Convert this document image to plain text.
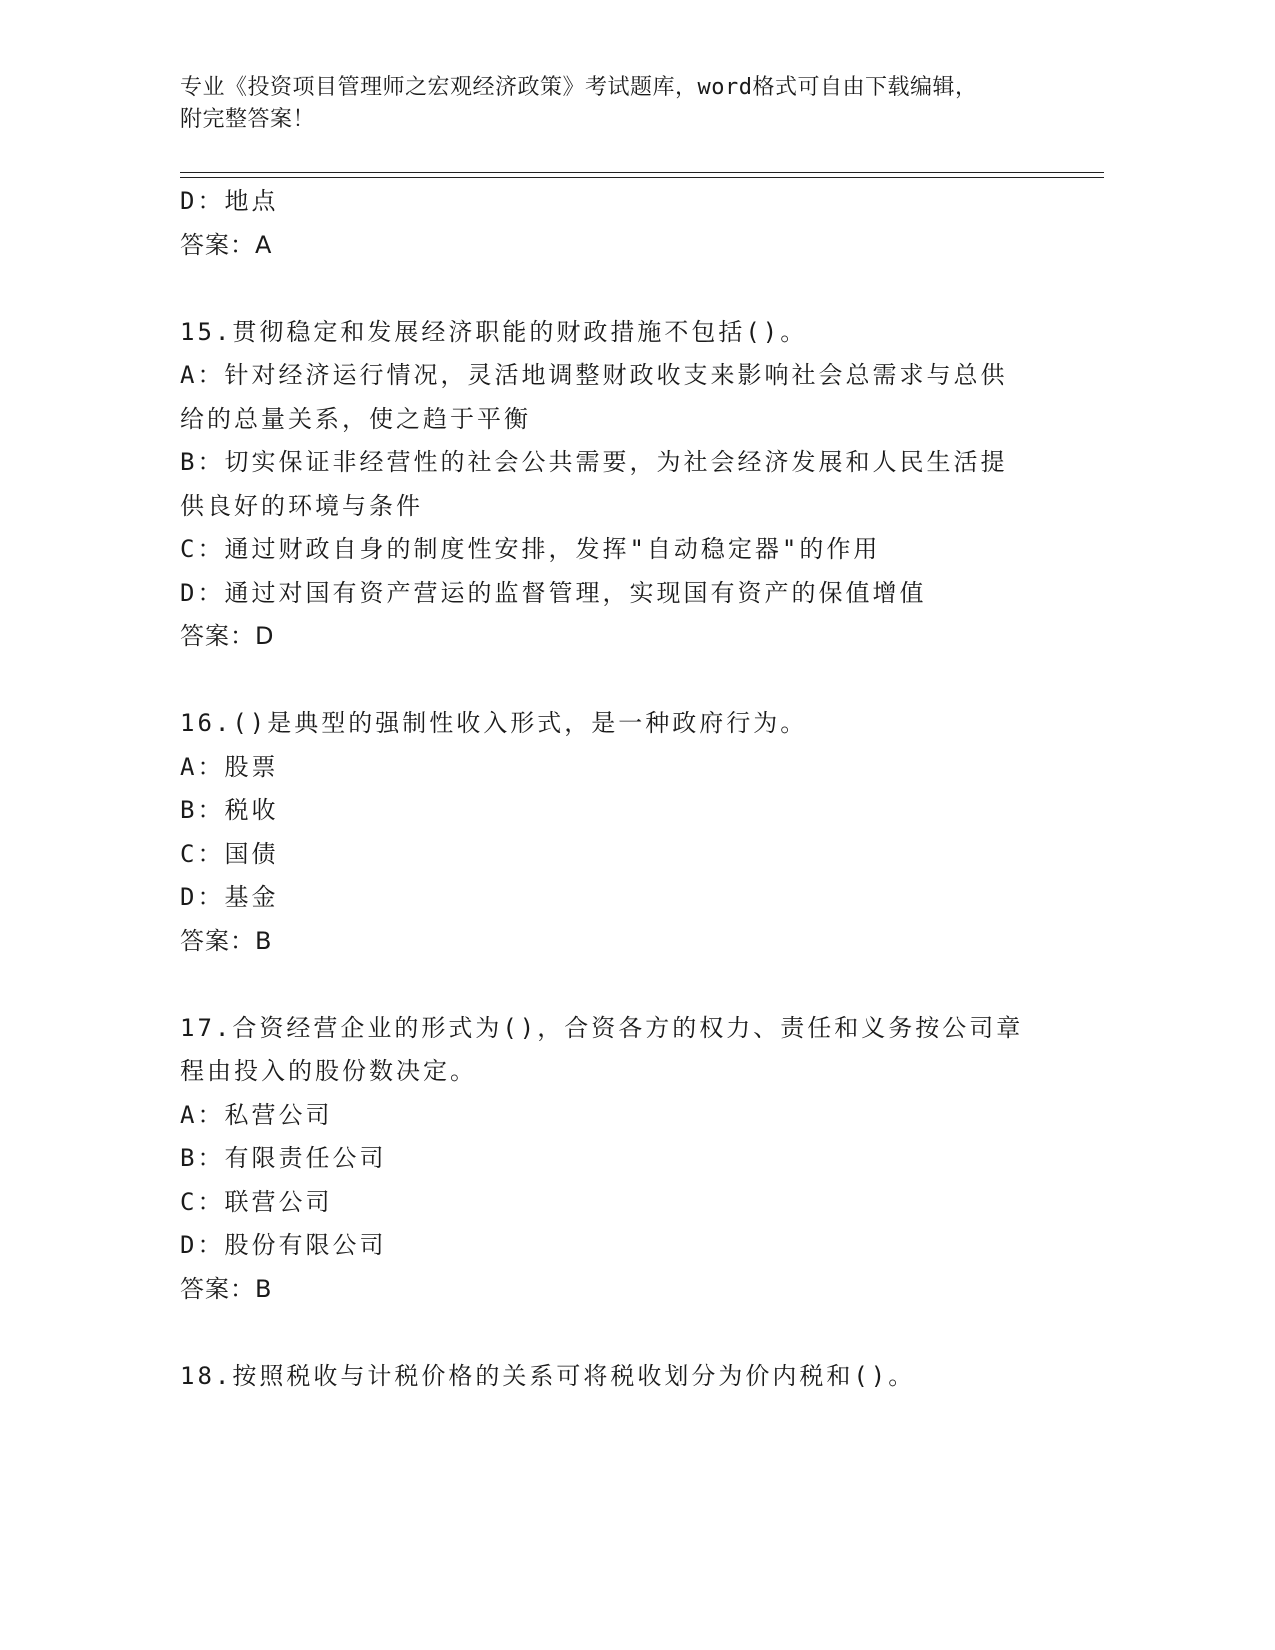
专业《投资项目管理师之宏观经济政策》考试题库，word格式可自由下载编辑，

附完整答案！

D：地点

答案：A

15.贯彻稳定和发展经济职能的财政措施不包括()。

A：针对经济运行情况，灵活地调整财政收支来影响社会总需求与总供

给的总量关系，使之趋于平衡

B：切实保证非经营性的社会公共需要，为社会经济发展和人民生活提

供良好的环境与条件

C：通过财政自身的制度性安排，发挥"自动稳定器"的作用

D：通过对国有资产营运的监督管理，实现国有资产的保值增值

答案：D

16.()是典型的强制性收入形式，是一种政府行为。

A：股票

B：税收

C：国债

D：基金

答案：B

17.合资经营企业的形式为()，合资各方的权力、责任和义务按公司章

程由投入的股份数决定。

A：私营公司

B：有限责任公司

C：联营公司

D：股份有限公司

答案：B

18.按照税收与计税价格的关系可将税收划分为价内税和()。
